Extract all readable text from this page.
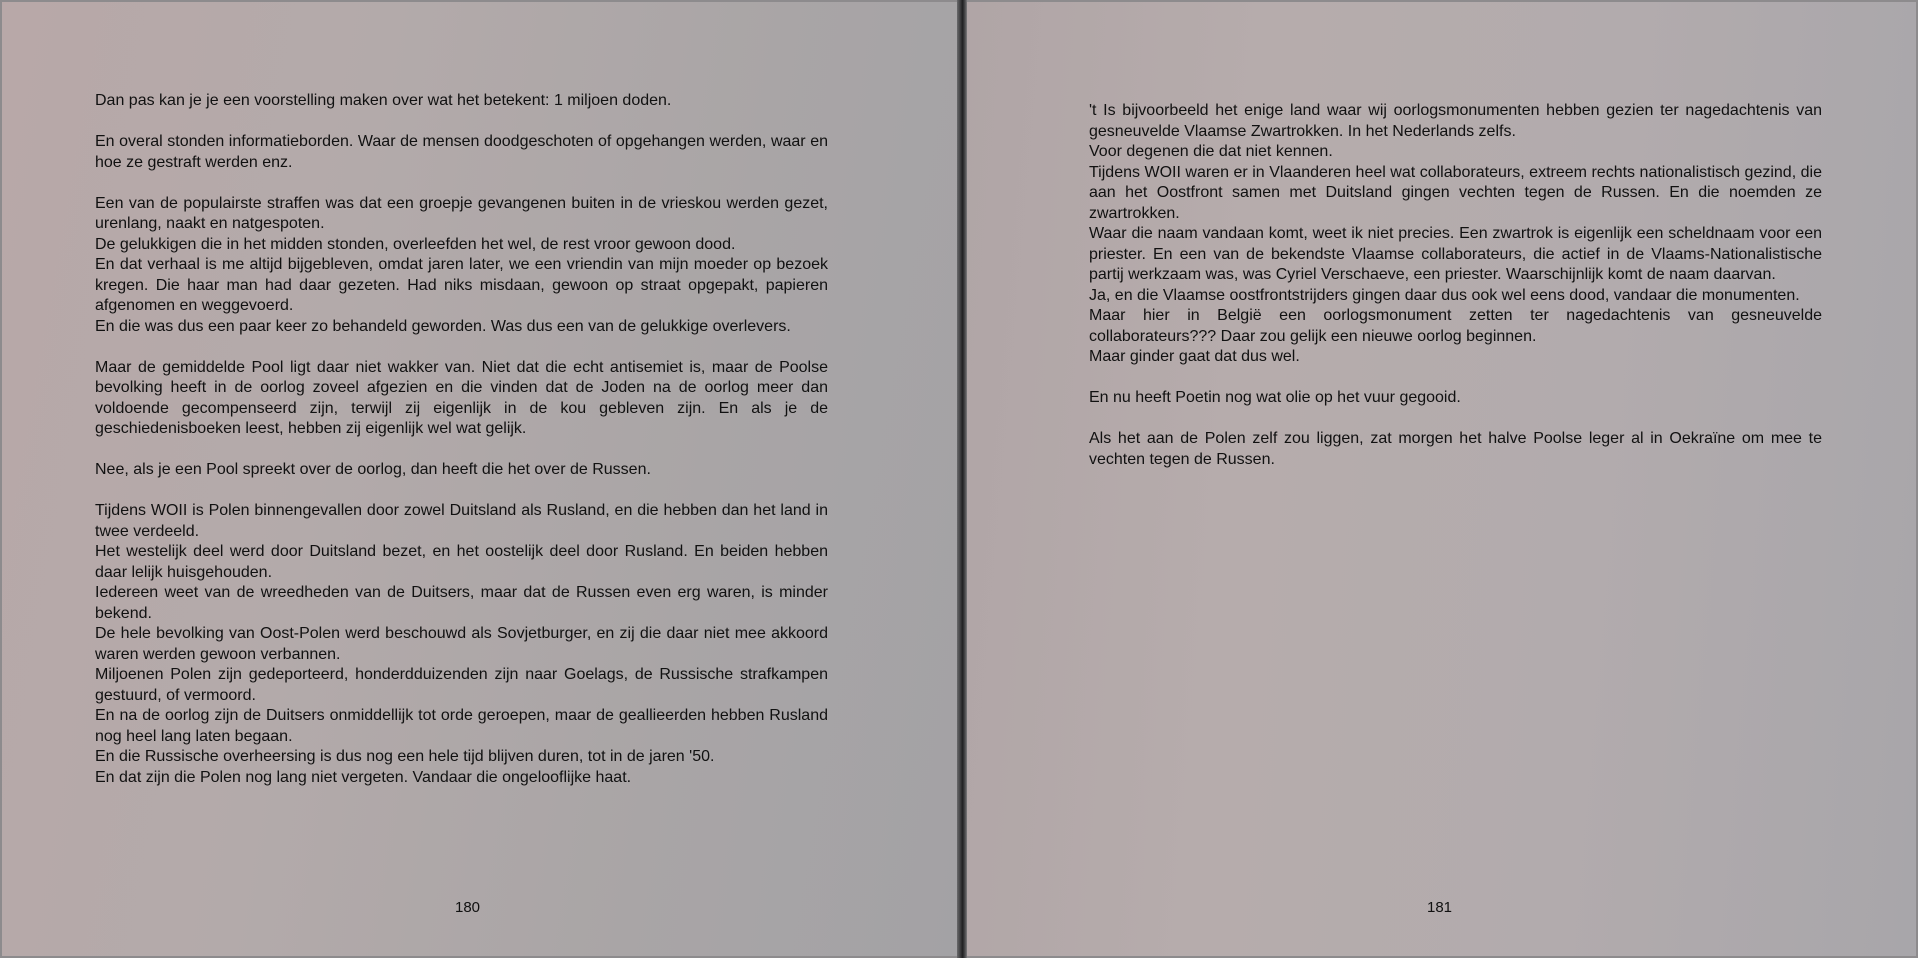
Dan pas kan je je een voorstelling maken over wat het betekent: 1 miljoen doden.

En overal stonden informatieborden. Waar de mensen doodgeschoten of opgehangen werden, waar en hoe ze gestraft werden enz.

Een van de populairste straffen was dat een groepje gevangenen buiten in de vrieskou werden gezet, urenlang, naakt en natgespoten.

De gelukkigen die in het midden stonden, overleefden het wel, de rest vroor gewoon dood.

En dat verhaal is me altijd bijgebleven, omdat jaren later, we een vriendin van mijn moeder op bezoek kregen. Die haar man had daar gezeten. Had niks misdaan, gewoon op straat opgepakt, papieren afgenomen en weggevoerd.

En die was dus een paar keer zo behandeld geworden. Was dus een van de gelukkige overlevers.

Maar de gemiddelde Pool ligt daar niet wakker van. Niet dat die echt antisemiet is, maar de Poolse bevolking heeft in de oorlog zoveel afgezien en die vinden dat de Joden na de oorlog meer dan voldoende gecompenseerd zijn, terwijl zij eigenlijk in de kou gebleven zijn. En als je de geschiedenisboeken leest, hebben zij eigenlijk wel wat gelijk.

Nee, als je een Pool spreekt over de oorlog, dan heeft die het over de Russen.

Tijdens WOII is Polen binnengevallen door zowel Duitsland als Rusland, en die hebben dan het land in twee verdeeld.

Het westelijk deel werd door Duitsland bezet, en het oostelijk deel door Rusland. En beiden hebben daar lelijk huisgehouden.

Iedereen weet van de wreedheden van de Duitsers, maar dat de Russen even erg waren, is minder bekend.

De hele bevolking van Oost-Polen werd beschouwd als Sovjetburger, en zij die daar niet mee akkoord waren werden gewoon verbannen.

Miljoenen Polen zijn gedeporteerd, honderdduizenden zijn naar Goelags, de Russische strafkampen gestuurd, of vermoord.

En na de oorlog zijn de Duitsers onmiddellijk tot orde geroepen, maar de geallieerden hebben Rusland nog heel lang laten begaan.

En die Russische overheersing is dus nog een hele tijd blijven duren, tot in de jaren '50.

En dat zijn die Polen nog lang niet vergeten. Vandaar die ongelooflijke haat.

180

't Is bijvoorbeeld het enige land waar wij oorlogsmonumenten hebben gezien ter nagedachtenis van gesneuvelde Vlaamse Zwartrokken. In het Nederlands zelfs.

Voor degenen die dat niet kennen.

Tijdens WOII waren er in Vlaanderen heel wat collaborateurs, extreem rechts nationalistisch gezind, die aan het Oostfront samen met Duitsland gingen vechten tegen de Russen. En die noemden ze zwartrokken.

Waar die naam vandaan komt, weet ik niet precies. Een zwartrok is eigenlijk een scheldnaam voor een priester. En een van de bekendste Vlaamse collaborateurs, die actief in de Vlaams-Nationalistische partij werkzaam was, was Cyriel Verschaeve, een priester. Waarschijnlijk komt de naam daarvan.

Ja, en die Vlaamse oostfrontstrijders gingen daar dus ook wel eens dood, vandaar die monumenten.

Maar hier in België een oorlogsmonument zetten ter nagedachtenis van gesneuvelde collaborateurs??? Daar zou gelijk een nieuwe oorlog beginnen.

Maar ginder gaat dat dus wel.

En nu heeft Poetin nog wat olie op het vuur gegooid.

Als het aan de Polen zelf zou liggen, zat morgen het halve Poolse leger al in Oekraïne om mee te vechten tegen de Russen.

181
